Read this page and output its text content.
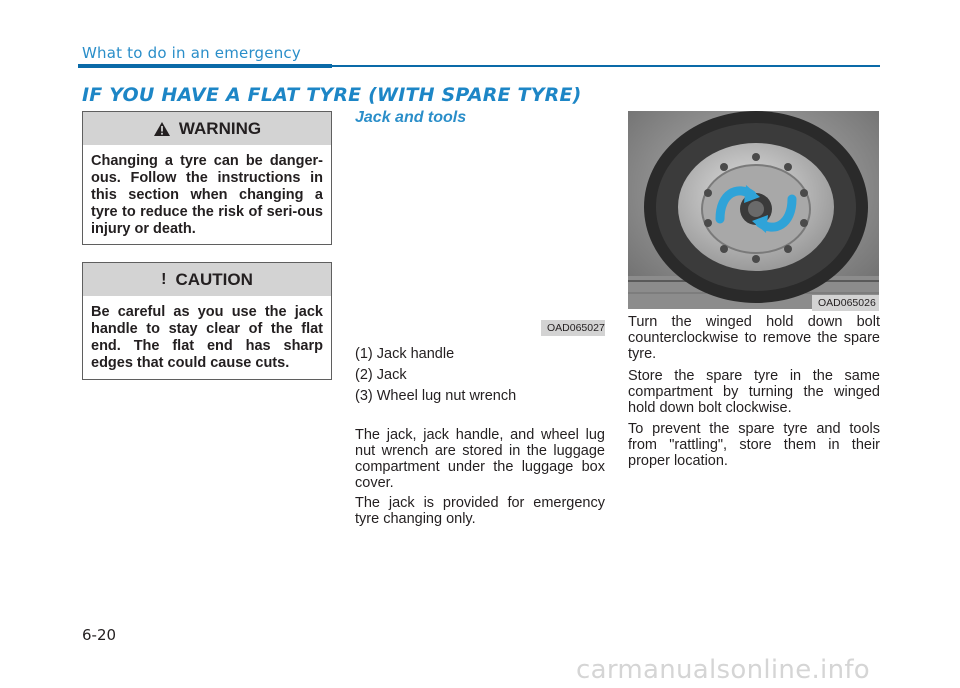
What to do in an emergency
IF YOU HAVE A FLAT TYRE (WITH SPARE TYRE)
WARNING
Changing a tyre can be danger-ous. Follow the instructions in this section when changing a tyre to reduce the risk of seri-ous injury or death.
! CAUTION
Be careful as you use the jack handle to stay clear of the flat end. The flat end has sharp edges that could cause cuts.
Jack and tools
OAD065027
(1) Jack handle
(2) Jack
(3) Wheel lug nut wrench
The jack, jack handle, and wheel lug nut wrench are stored in the luggage compartment under the luggage box cover.
The jack is provided for emergency tyre changing only.
OAD065026
Turn the winged hold down bolt counterclockwise to remove the spare tyre.
Store the spare tyre in the same compartment by turning the winged hold down bolt clockwise.
To prevent the spare tyre and tools from "rattling", store them in their proper location.
6-20
carmanualsonline.info
